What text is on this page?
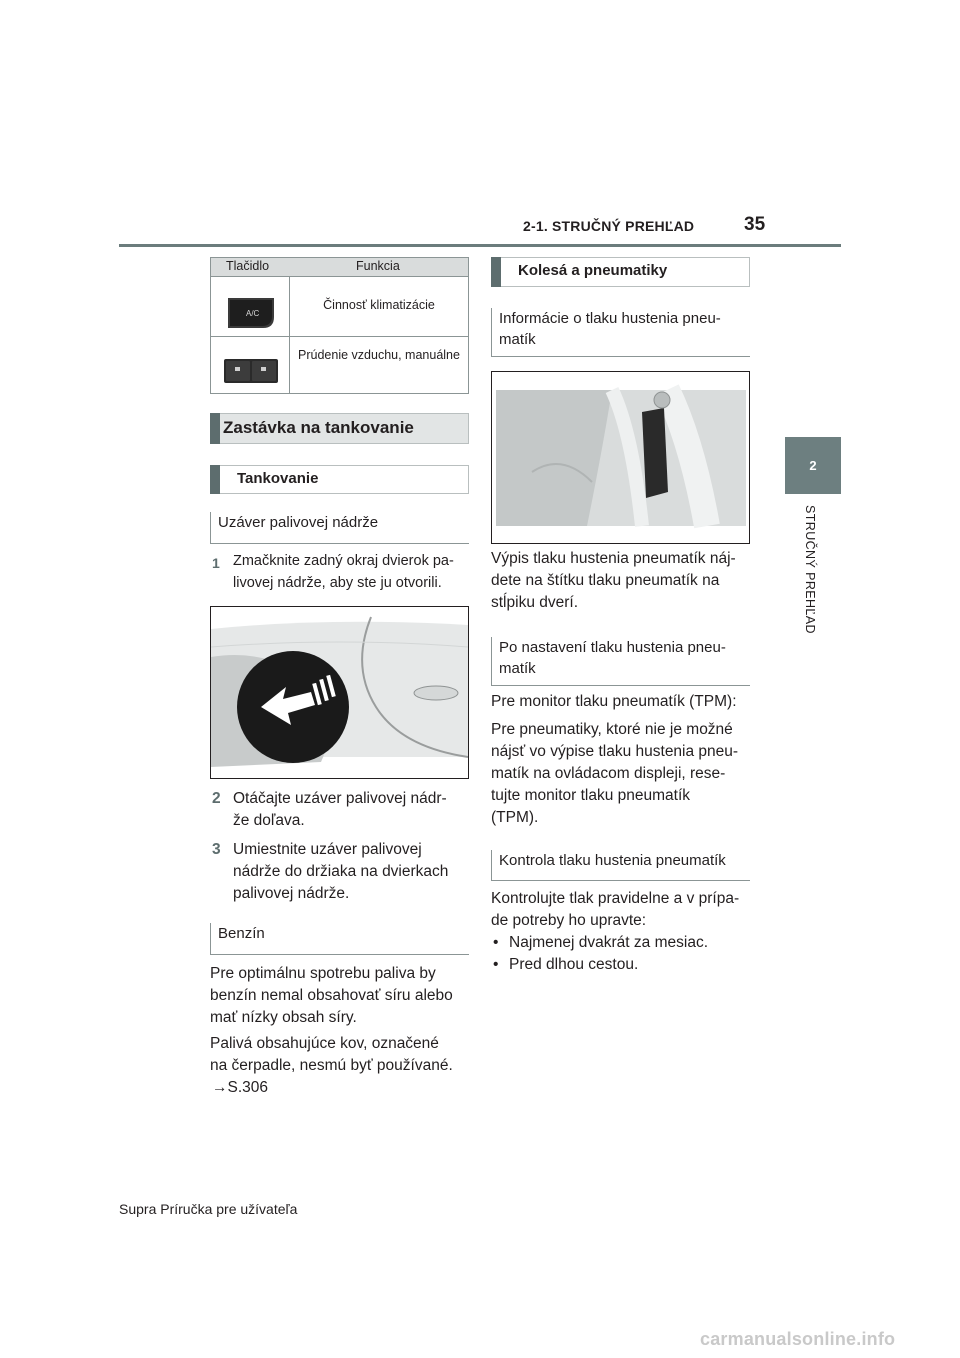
2-1. STRUČNÝ PREHĽAD	35
2
STRUČNÝ PREHĽAD
Tlačidlo	Funkcia
A/C
Činnosť klimatizácie
Prúdenie vzduchu, manuálne
Zastávka na tankovanie
Tankovanie
Uzáver palivovej nádrže
1 Zmačknite zadný okraj dvierok pa-
livovej nádrže, aby ste ju otvorili.
2 Otáčajte uzáver palivovej nádr-
že doľava.
3 Umiestnite uzáver palivovej
nádrže do držiaka na dvierkach
palivovej nádrže.
Benzín
Pre optimálnu spotrebu paliva by
benzín nemal obsahovať síru alebo
mať nízky obsah síry.
Palivá obsahujúce kov, označené
na čerpadle, nesmú byť používané.
→S.306
Kolesá a pneumatiky
Informácie o tlaku hustenia pneu-
matík
Výpis tlaku hustenia pneumatík náj-
dete na štítku tlaku pneumatík na
stĺpiku dverí.
Po nastavení tlaku hustenia pneu-
matík
Pre monitor tlaku pneumatík (TPM):
Pre pneumatiky, ktoré nie je možné
nájsť vo výpise tlaku hustenia pneu-
matík na ovládacom displeji, rese-
tujte monitor tlaku pneumatík
(TPM).
Kontrola tlaku hustenia pneumatík
Kontrolujte tlak pravidelne a v prípa-
de potreby ho upravte:
• Najmenej dvakrát za mesiac.
• Pred dlhou cestou.
Supra Príručka pre užívateľa
carmanualsonline.info
